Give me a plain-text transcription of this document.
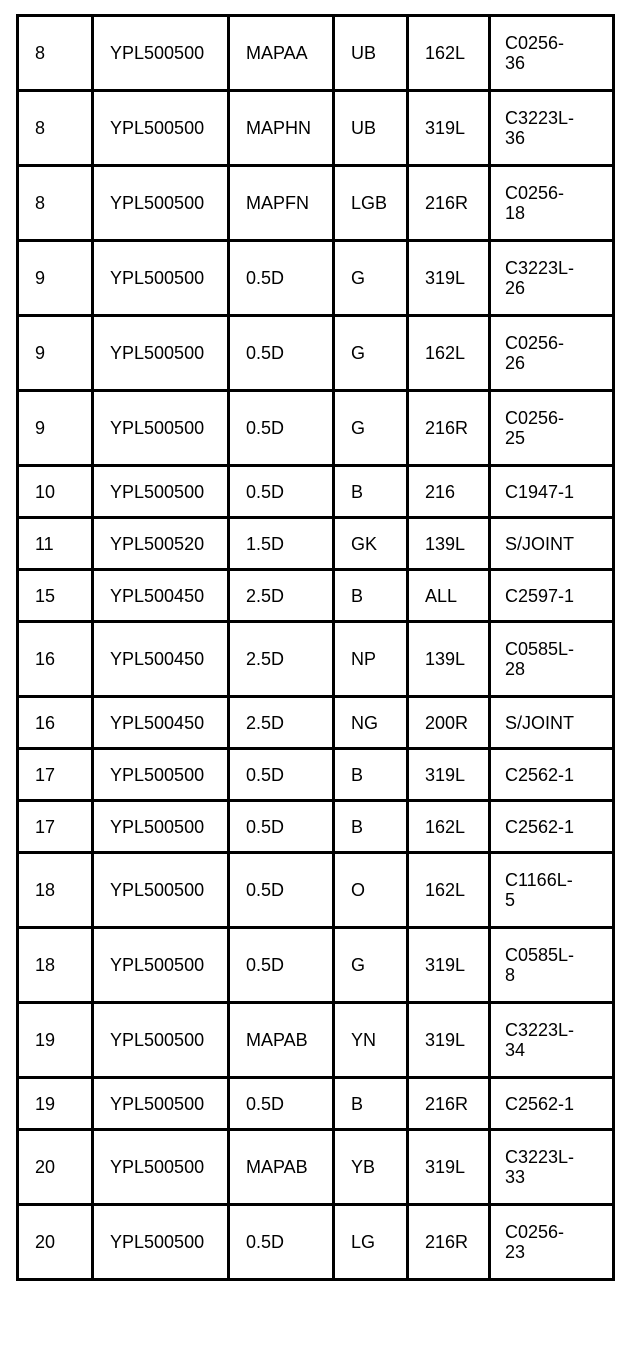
8	YPL500500	MAPAA	UB	162L	C0256-
36
8	YPL500500	MAPHN	UB	319L	C3223L-
36
8	YPL500500	MAPFN	LGB	216R	C0256-
18
9	YPL500500	0.5D	G	319L	C3223L-
26
9	YPL500500	0.5D	G	162L	C0256-
26
9	YPL500500	0.5D	G	216R	C0256-
25
10	YPL500500	0.5D	B	216	C1947-1
11	YPL500520	1.5D	GK	139L	S/JOINT
15	YPL500450	2.5D	B	ALL	C2597-1
16	YPL500450	2.5D	NP	139L	C0585L-
28
16	YPL500450	2.5D	NG	200R	S/JOINT
17	YPL500500	0.5D	B	319L	C2562-1
17	YPL500500	0.5D	B	162L	C2562-1
18	YPL500500	0.5D	O	162L	C1166L-
5
18	YPL500500	0.5D	G	319L	C0585L-
8
19	YPL500500	MAPAB	YN	319L	C3223L-
34
19	YPL500500	0.5D	B	216R	C2562-1
20	YPL500500	MAPAB	YB	319L	C3223L-
33
20	YPL500500	0.5D	LG	216R	C0256-
23
